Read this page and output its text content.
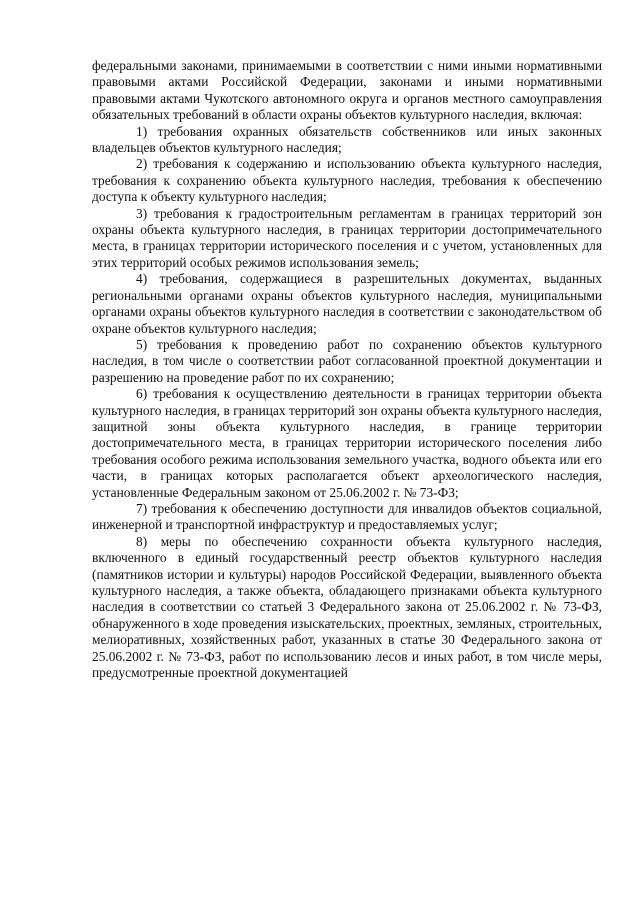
федеральными законами, принимаемыми в соответствии с ними иными нормативными правовыми актами Российской Федерации, законами и иными нормативными правовыми актами Чукотского автономного округа и органов местного самоуправления обязательных требований в области охраны объектов культурного наследия, включая:

1) требования охранных обязательств собственников или иных законных владельцев объектов культурного наследия;

2) требования к содержанию и использованию объекта культурного наследия, требования к сохранению объекта культурного наследия, требования к обеспечению доступа к объекту культурного наследия;

3) требования к градостроительным регламентам в границах территорий зон охраны объекта культурного наследия, в границах территории достопримечательного места, в границах территории исторического поселения и с учетом, установленных для этих территорий особых режимов использования земель;

4) требования, содержащиеся в разрешительных документах, выданных региональными органами охраны объектов культурного наследия, муниципальными органами охраны объектов культурного наследия в соответствии с законодательством об охране объектов культурного наследия;

5) требования к проведению работ по сохранению объектов культурного наследия, в том числе о соответствии работ согласованной проектной документации и разрешению на проведение работ по их сохранению;

6) требования к осуществлению деятельности в границах территории объекта культурного наследия, в границах территорий зон охраны объекта культурного наследия, защитной зоны объекта культурного наследия, в границе территории достопримечательного места, в границах территории исторического поселения либо требования особого режима использования земельного участка, водного объекта или его части, в границах которых располагается объект археологического наследия, установленные Федеральным законом от 25.06.2002 г. № 73-ФЗ;

7) требования к обеспечению доступности для инвалидов объектов социальной, инженерной и транспортной инфраструктур и предоставляемых услуг;

8) меры по обеспечению сохранности объекта культурного наследия, включенного в единый государственный реестр объектов культурного наследия (памятников истории и культуры) народов Российской Федерации, выявленного объекта культурного наследия, а также объекта, обладающего признаками объекта культурного наследия в соответствии со статьей 3 Федерального закона от 25.06.2002 г. № 73-ФЗ, обнаруженного в ходе проведения изыскательских, проектных, земляных, строительных, мелиоративных, хозяйственных работ, указанных в статье 30 Федерального закона от 25.06.2002 г. № 73-ФЗ, работ по использованию лесов и иных работ, в том числе меры, предусмотренные проектной документацией
